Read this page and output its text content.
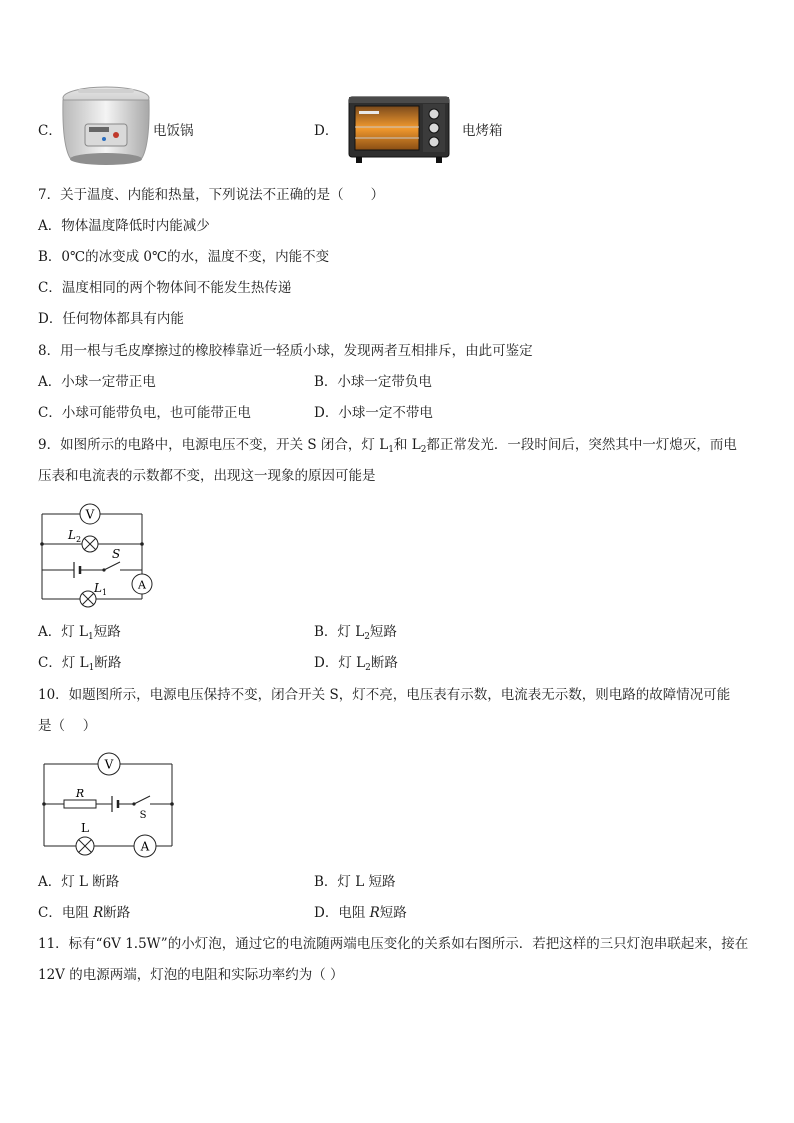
C．	电饭锅	D．	电烤箱
7．关于温度、内能和热量，下列说法不正确的是（　　）
A．物体温度降低时内能减少
B．0℃的冰变成 0℃的水，温度不变，内能不变
C．温度相同的两个物体间不能发生热传递
D．任何物体都具有内能
8．用一根与毛皮摩擦过的橡胶棒靠近一轻质小球，发现两者互相排斥，由此可鉴定
A．小球一定带正电	B．小球一定带负电
C．小球可能带负电，也可能带正电	D．小球一定不带电
9．如图所示的电路中，电源电压不变，开关 S 闭合，灯 $L_1$和 $L_2$都正常发光．一段时间后，突然其中一灯熄灭，而电
压表和电流表的示数都不变，出现这一现象的原因可能是
V
A
L 2
S
L 1
A．灯 $L_1$短路	B．灯 $L_2$短路
C．灯 $L_1$断路	D．灯 $L_2$断路
10．如题图所示，电源电压保持不变，闭合开关 S，灯不亮，电压表有示数，电流表无示数，则电路的故障情况可能
是（　 ）
V
A
R
L
S
A．灯 L 断路	B．灯 L 短路
C．电阻 R断路	D．电阻 R短路
11．标有“6V 1.5W”的小灯泡，通过它的电流随两端电压变化的关系如右图所示．若把这样的三只灯泡串联起来，接在
12V 的电源两端，灯泡的电阻和实际功率约为（ ）
